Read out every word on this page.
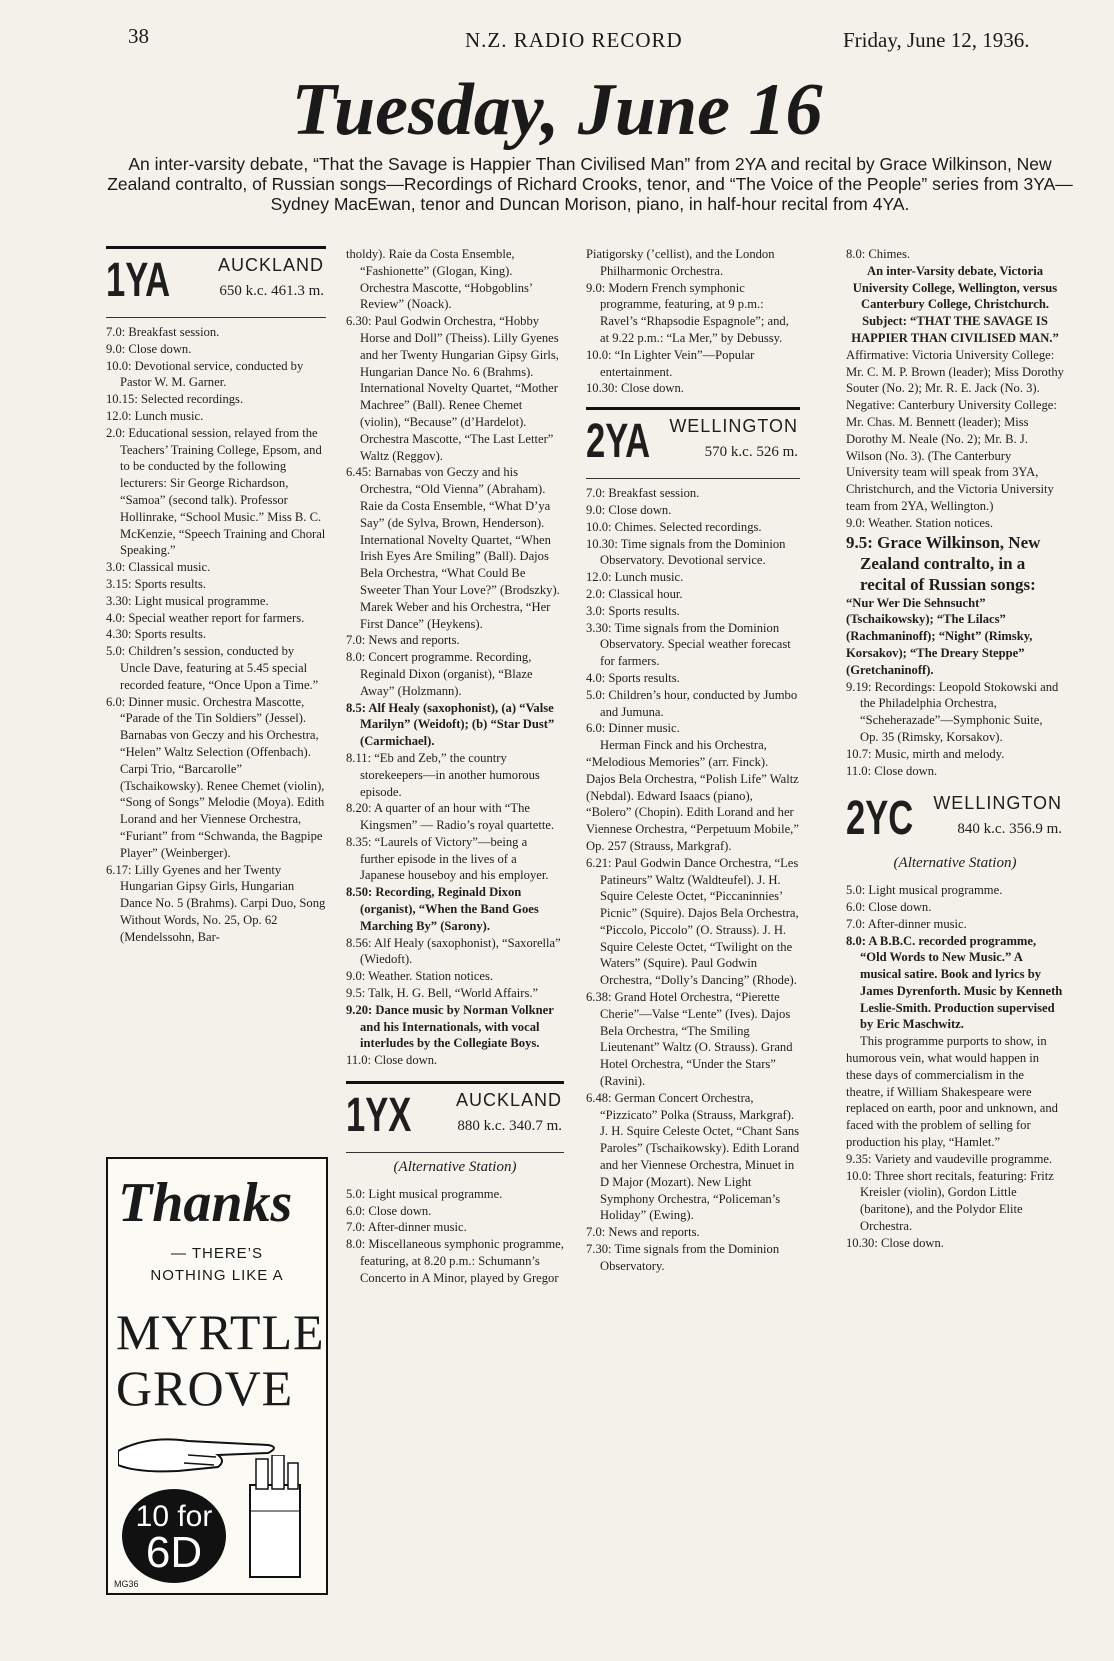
38	N.Z. RADIO RECORD	Friday, June 12, 1936.
Tuesday, June 16
An inter-varsity debate, “That the Savage is Happier Than Civilised Man” from 2YA and recital by Grace Wilkinson, New Zealand contralto, of Russian songs—Recordings of Richard Crooks, tenor, and “The Voice of the People” series from 3YA—Sydney MacEwan, tenor and Duncan Morison, piano, in half-hour recital from 4YA.
1YA	AUCKLAND
650 k.c. 461.3 m.

7.0: Breakfast session.

9.0: Close down.

10.0: Devotional service, conducted by Pastor W. M. Garner.

10.15: Selected recordings.

12.0: Lunch music.

2.0: Educational session, relayed from the Teachers’ Training College, Epsom, and to be conducted by the following lecturers: Sir George Richardson, “Samoa” (second talk). Professor Hollinrake, “School Music.” Miss B. C. McKenzie, “Speech Training and Choral Speaking.”

3.0: Classical music.

3.15: Sports results.

3.30: Light musical programme.

4.0: Special weather report for farmers.

4.30: Sports results.

5.0: Children’s session, conducted by Uncle Dave, featuring at 5.45 special recorded feature, “Once Upon a Time.”

6.0: Dinner music. Orchestra Mascotte, “Parade of the Tin Soldiers” (Jessel). Barnabas von Geczy and his Orchestra, “Helen” Waltz Selection (Offenbach). Carpi Trio, “Barcarolle” (Tschaikowsky). Renee Chemet (violin), “Song of Songs” Melodie (Moya). Edith Lorand and her Viennese Orchestra, “Furiant” from “Schwanda, the Bagpipe Player” (Weinberger).

6.17: Lilly Gyenes and her Twenty Hungarian Gipsy Girls, Hungarian Dance No. 5 (Brahms). Carpi Duo, Song Without Words, No. 25, Op. 62 (Mendelssohn, Bar-

tholdy). Raie da Costa Ensemble, “Fashionette” (Glogan, King). Orchestra Mascotte, “Hobgoblins’ Review” (Noack).

6.30: Paul Godwin Orchestra, “Hobby Horse and Doll” (Theiss). Lilly Gyenes and her Twenty Hungarian Gipsy Girls, Hungarian Dance No. 6 (Brahms). International Novelty Quartet, “Mother Machree” (Ball). Renee Chemet (violin), “Because” (d’Hardelot). Orchestra Mascotte, “The Last Letter” Waltz (Reggov).

6.45: Barnabas von Geczy and his Orchestra, “Old Vienna” (Abraham). Raie da Costa Ensemble, “What D’ya Say” (de Sylva, Brown, Henderson). International Novelty Quartet, “When Irish Eyes Are Smiling” (Ball). Dajos Bela Orchestra, “What Could Be Sweeter Than Your Love?” (Brodszky). Marek Weber and his Orchestra, “Her First Dance” (Heykens).

7.0: News and reports.

8.0: Concert programme. Recording, Reginald Dixon (organist), “Blaze Away” (Holzmann).

8.5: Alf Healy (saxophonist), (a) “Valse Marilyn” (Weidoft); (b) “Star Dust” (Carmichael).

8.11: “Eb and Zeb,” the country storekeepers—in another humorous episode.

8.20: A quarter of an hour with “The Kingsmen” — Radio’s royal quartette.

8.35: “Laurels of Victory”—being a further episode in the lives of a Japanese houseboy and his employer.

8.50: Recording, Reginald Dixon (organist), “When the Band Goes Marching By” (Sarony).

8.56: Alf Healy (saxophonist), “Saxorella” (Wiedoft).

9.0: Weather. Station notices.

9.5: Talk, H. G. Bell, “World Affairs.”

9.20: Dance music by Norman Volkner and his Internationals, with vocal interludes by the Collegiate Boys.

11.0: Close down.

1YX AUCKLAND
880 k.c. 340.7 m.
(Alternative Station)

5.0: Light musical programme.

6.0: Close down.

7.0: After-dinner music.

8.0: Miscellaneous symphonic programme, featuring, at 8.20 p.m.: Schumann’s Concerto in A Minor, played by Gregor

Piatigorsky (’cellist), and the London Philharmonic Orchestra.

9.0: Modern French symphonic programme, featuring, at 9 p.m.: Ravel’s “Rhapsodie Espagnole”; and, at 9.22 p.m.: “La Mer,” by Debussy.

10.0: “In Lighter Vein”—Popular entertainment.

10.30: Close down.

2YA WELLINGTON
570 k.c. 526 m.

7.0: Breakfast session.

9.0: Close down.

10.0: Chimes. Selected recordings.

10.30: Time signals from the Dominion Observatory. Devotional service.

12.0: Lunch music.

2.0: Classical hour.

3.0: Sports results.

3.30: Time signals from the Dominion Observatory. Special weather forecast for farmers.

4.0: Sports results.

5.0: Children’s hour, conducted by Jumbo and Jumuna.

6.0: Dinner music.

Herman Finck and his Orchestra, “Melodious Memories” (arr. Finck). Dajos Bela Orchestra, “Polish Life” Waltz (Nebdal). Edward Isaacs (piano), “Bolero” (Chopin). Edith Lorand and her Viennese Orchestra, “Perpetuum Mobile,” Op. 257 (Strauss, Markgraf).

6.21: Paul Godwin Dance Orchestra, “Les Patineurs” Waltz (Waldteufel). J. H. Squire Celeste Octet, “Piccaninnies’ Picnic” (Squire). Dajos Bela Orchestra, “Piccolo, Piccolo” (O. Strauss). J. H. Squire Celeste Octet, “Twilight on the Waters” (Squire). Paul Godwin Orchestra, “Dolly’s Dancing” (Rhode).

6.38: Grand Hotel Orchestra, “Pierette Cherie”—Valse “Lente” (Ives). Dajos Bela Orchestra, “The Smiling Lieutenant” Waltz (O. Strauss). Grand Hotel Orchestra, “Under the Stars” (Ravini).

6.48: German Concert Orchestra, “Pizzicato” Polka (Strauss, Markgraf). J. H. Squire Celeste Octet, “Chant Sans Paroles” (Tschaikowsky). Edith Lorand and her Viennese Orchestra, Minuet in D Major (Mozart). New Light Symphony Orchestra, “Policeman’s Holiday” (Ewing).

7.0: News and reports.

7.30: Time signals from the Dominion Observatory.

8.0: Chimes.

An inter-Varsity debate, Victoria University College, Wellington, versus Canterbury College, Christchurch. Subject: “THAT THE SAVAGE IS HAPPIER THAN CIVILISED MAN.”

Affirmative: Victoria University College: Mr. C. M. P. Brown (leader); Miss Dorothy Souter (No. 2); Mr. R. E. Jack (No. 3). Negative: Canterbury University College: Mr. Chas. M. Bennett (leader); Miss Dorothy M. Neale (No. 2); Mr. B. J. Wilson (No. 3). (The Canterbury University team will speak from 3YA, Christchurch, and the Victoria University team from 2YA, Wellington.)

9.0: Weather. Station notices.

9.5: Grace Wilkinson, New Zealand contralto, in a recital of Russian songs:

“Nur Wer Die Sehnsucht” (Tschaikowsky); “The Lilacs” (Rachmaninoff); “Night” (Rimsky, Korsakov); “The Dreary Steppe” (Gretchaninoff).

9.19: Recordings: Leopold Stokowski and the Philadelphia Orchestra, “Scheherazade”—Symphonic Suite, Op. 35 (Rimsky, Korsakov).

10.7: Music, mirth and melody.

11.0: Close down.

2YC WELLINGTON
840 k.c. 356.9 m.
(Alternative Station)

5.0: Light musical programme.

6.0: Close down.

7.0: After-dinner music.

8.0: A B.B.C. recorded programme, “Old Words to New Music.” A musical satire. Book and lyrics by James Dyrenforth. Music by Kenneth Leslie-Smith. Production supervised by Eric Maschwitz.

This programme purports to show, in humorous vein, what would happen in these days of commercialism in the theatre, if William Shakespeare were replaced on earth, poor and unknown, and faced with the problem of selling for production his play, “Hamlet.”

9.35: Variety and vaudeville programme.

10.0: Three short recitals, featuring: Fritz Kreisler (violin), Gordon Little (baritone), and the Polydor Elite Orchestra.

10.30: Close down.

Thanks
— THERE’S
NOTHING LIKE A
MYRTLE
GROVE
10 for
6D
MG36
